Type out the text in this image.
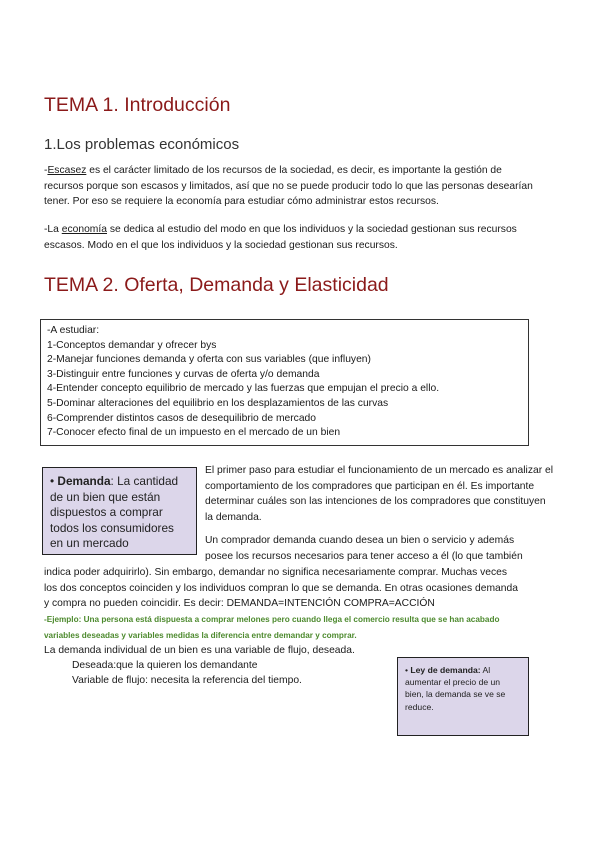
TEMA 1. Introducción
1.Los problemas económicos
-Escasez es el carácter limitado de los recursos de la sociedad, es decir, es importante la gestión de recursos porque son escasos y limitados, así que no se puede producir todo lo que las personas desearían tener. Por eso se requiere la economía para estudiar cómo administrar estos recursos.
-La economía se dedica al estudio del modo en que los individuos y la sociedad gestionan sus recursos escasos. Modo en el que los individuos y la sociedad gestionan sus recursos.
TEMA 2. Oferta, Demanda y Elasticidad
-A estudiar:
1-Conceptos demandar y ofrecer bys
2-Manejar funciones demanda y oferta con sus variables (que influyen)
3-Distinguir entre funciones y curvas de oferta y/o demanda
4-Entender concepto equilibrio de mercado y las fuerzas que empujan el precio a ello.
5-Dominar alteraciones del equilibrio en los desplazamientos de las curvas
6-Comprender distintos casos de desequilibrio de mercado
7-Conocer efecto final de un impuesto en el mercado de un bien
• Demanda: La cantidad de un bien que están dispuestos a comprar todos los consumidores en un mercado
El primer paso para estudiar el funcionamiento de un mercado es analizar el comportamiento de los compradores que participan en él. Es importante determinar cuáles son las intenciones de los compradores que constituyen la demanda.
Un comprador demanda cuando desea un bien o servicio y además
posee los recursos necesarios para tener acceso a él (lo que también
indica poder adquirirlo). Sin embargo, demandar no significa necesariamente comprar. Muchas veces
los dos conceptos coinciden y los individuos compran lo que se demanda. En otras ocasiones demanda
y compra no pueden coincidir. Es decir: DEMANDA=INTENCIÓN COMPRA=ACCIÓN
-Ejemplo: Una persona está dispuesta a comprar melones pero cuando llega el comercio resulta que se han acabado
variables deseadas y variables medidas la diferencia entre demandar y comprar.
La demanda individual de un bien es una variable de flujo, deseada.
Deseada:que la quieren los demandante
Variable de flujo: necesita la referencia del tiempo.
• Ley de demanda: Al aumentar el precio de un bien, la demanda se ve se reduce.
